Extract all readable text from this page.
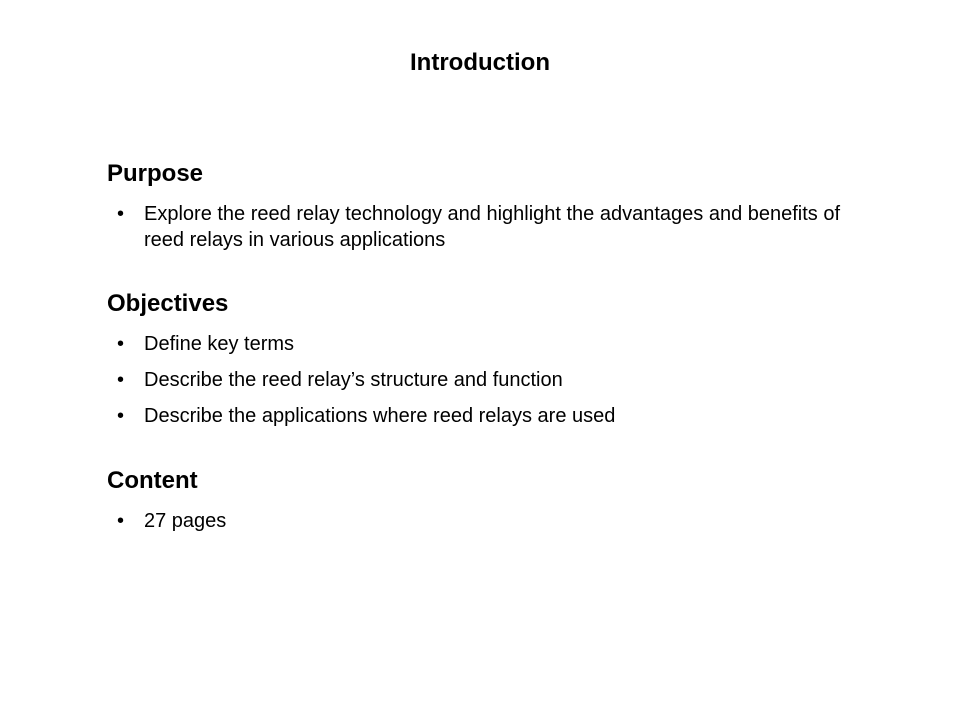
Introduction
Purpose
• Explore the reed relay technology and highlight the advantages and benefits of reed relays in various applications
Objectives
• Define key terms
• Describe the reed relay’s structure and function
• Describe the applications where reed relays are used
Content
• 27 pages
